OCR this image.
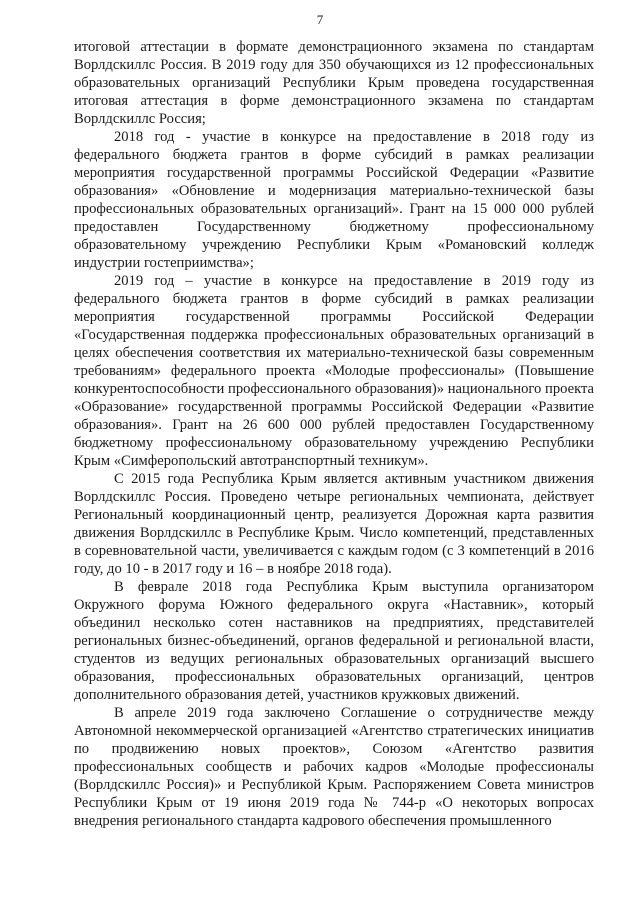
7

итоговой аттестации в формате демонстрационного экзамена по стандартам Ворлдскиллс Россия. В 2019 году для 350 обучающихся из 12 профессиональных образовательных организаций Республики Крым проведена государственная итоговая аттестация в форме демонстрационного экзамена по стандартам Ворлдскиллс Россия;

2018 год - участие в конкурсе на предоставление в 2018 году из федерального бюджета грантов в форме субсидий в рамках реализации мероприятия государственной программы Российской Федерации «Развитие образования» «Обновление и модернизация материально-технической базы профессиональных образовательных организаций». Грант на 15 000 000 рублей предоставлен Государственному бюджетному профессиональному образовательному учреждению Республики Крым «Романовский колледж индустрии гостеприимства»;

2019 год – участие в конкурсе на предоставление в 2019 году из федерального бюджета грантов в форме субсидий в рамках реализации мероприятия государственной программы Российской Федерации «Государственная поддержка профессиональных образовательных организаций в целях обеспечения соответствия их материально-технической базы современным требованиям» федерального проекта «Молодые профессионалы» (Повышение конкурентоспособности профессионального образования)» национального проекта «Образование» государственной программы Российской Федерации «Развитие образования». Грант на 26 600 000 рублей предоставлен Государственному бюджетному профессиональному образовательному учреждению Республики Крым «Симферопольский автотранспортный техникум».

С 2015 года Республика Крым является активным участником движения Ворлдскиллс Россия. Проведено четыре региональных чемпионата, действует Региональный координационный центр, реализуется Дорожная карта развития движения Ворлдскиллс в Республике Крым. Число компетенций, представленных в соревновательной части, увеличивается с каждым годом (с 3 компетенций в 2016 году, до 10 - в 2017 году и 16 – в ноябре 2018 года).

В феврале 2018 года Республика Крым выступила организатором Окружного форума Южного федерального округа «Наставник», который объединил несколько сотен наставников на предприятиях, представителей региональных бизнес-объединений, органов федеральной и региональной власти, студентов из ведущих региональных образовательных организаций высшего образования, профессиональных образовательных организаций, центров дополнительного образования детей, участников кружковых движений.

В апреле 2019 года заключено Соглашение о сотрудничестве между Автономной некоммерческой организацией «Агентство стратегических инициатив по продвижению новых проектов», Союзом «Агентство развития профессиональных сообществ и рабочих кадров «Молодые профессионалы (Ворлдскиллс Россия)» и Республикой Крым. Распоряжением Совета министров Республики Крым от 19 июня 2019 года № 744-р «О некоторых вопросах внедрения регионального стандарта кадрового обеспечения промышленного
